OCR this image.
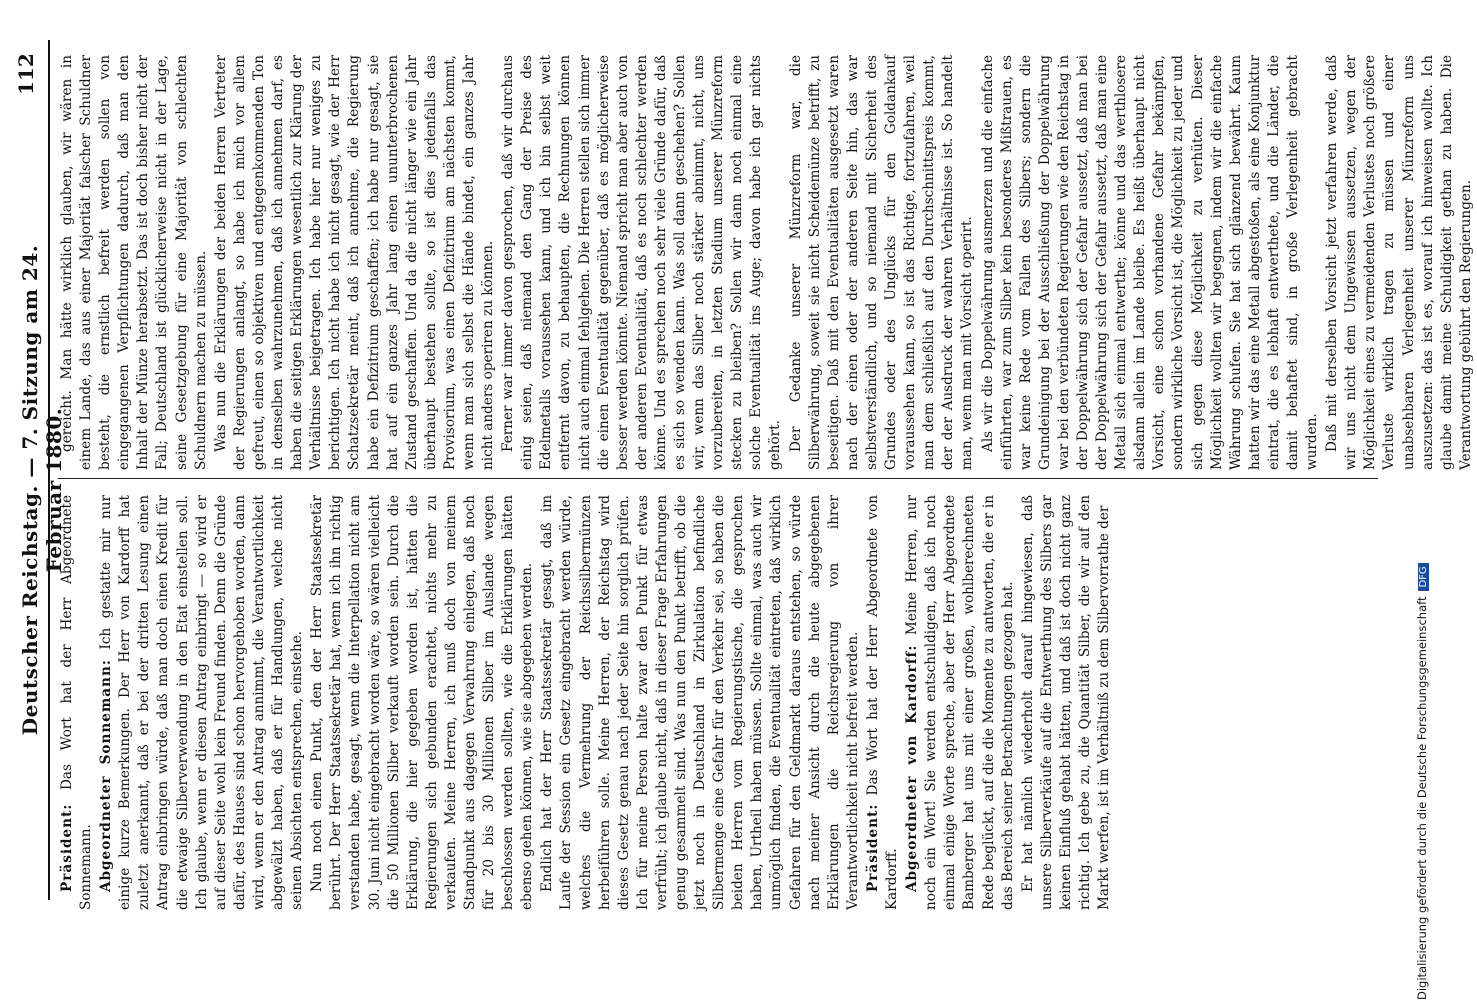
112
Deutscher Reichstag. — 7. Sitzung am 24. Februar 1880.

gereicht. Man hätte wirklich glauben, wir wären in einem Lande, das aus einer Majorität falscher Schuldner besteht, die ernstlich befreit werden sollen von eingegangenen Verpflichtungen dadurch, daß man den Inhalt der Münze herabsetzt. Das ist doch bisher nicht der Fall; Deutschland ist glücklicherweise nicht in der Lage, seine Gesetzgebung für eine Majorität von schlechten Schuldnern machen zu müssen. Was nun die Erklärungen der beiden Herren Vertreter der Regierungen anlangt, so habe ich mich vor allem gefreut, einen so objektiven und entgegenkommenden Ton in denselben wahrzunehmen, daß ich annehmen darf, es haben die seitigen Erklärungen wesentlich zur Klärung der Verhältnisse beigetragen. Ich habe hier nur weniges zu berichtigen. Ich nicht habe ich nicht gesagt, wie der Herr Schatzsekretär meint, daß ich annehme, die Regierung habe ein Defizitrium geschaffen; ich habe nur gesagt, sie hat auf ein ganzes Jahr lang einen ununterbrochenen Zustand geschaffen. Und da die nicht länger wie ein Jahr überhaupt bestehen sollte, so ist dies jedenfalls das Provisorium, was einen Defizitrium am nächsten kommt, wenn man sich selbst die Hände bindet, ein ganzes Jahr nicht anders operiren zu können. Ferner war immer davon gesprochen, daß wir durchaus einig seien, daß niemand den Gang der Preise des Edelmetalls voraussehen kann, und ich bin selbst weit entfernt davon, zu behaupten, die Rechnungen können nicht auch einmal fehlgehen. Die Herren stellen sich immer die einen Eventualität gegenüber, daß es möglicherweise besser werden könnte. Niemand spricht man aber auch von der anderen Eventualität, daß es noch schlechter werden könne. Und es sprechen noch sehr viele Gründe dafür, daß es sich so wenden kann. Was soll dann geschehen? Sollen wir, wenn das Silber noch stärker abnimmt, nicht, uns vorzubereiten, in letzten Stadium unserer Münzreform stecken zu bleiben? Sollen wir dann noch einmal eine solche Eventualität ins Auge; davon habe ich gar nichts gehört. Der Gedanke unserer Münzreform war, die Silberwährung, soweit sie nicht Scheidemünze betrifft, zu beseitigen. Daß mit den Eventualitäten ausgesetzt waren nach der einen oder der anderen Seite hin, das war selbstverständlich, und so niemand mit Sicherheit des Grundes oder des Unglücks für den Goldankauf voraussehen kann, so ist das Richtige, fortzufahren, weil man dem schließlich auf den Durchschnittspreis kommt, der der Ausdruck der wahren Verhältnisse ist. So handelt man, wenn man mit Vorsicht operirt. Als wir die Doppelwährung ausmerzen und die einfache einführten, war zum Silber kein besonderes Mißtrauen, es war keine Rede vom Fallen des Silbers; sondern die Grundeinigung bei der Ausschließung der Doppelwährung war bei den verbündeten Regierungen wie den Reichstag in der Doppelwährung sich der Gefahr aussetzt, daß man bei der Doppelwährung sich der Gefahr aussetzt, daß man eine Metall sich einmal entwerthe; könne und das werthlosere alsdann allein im Lande bleibe. Es heißt überhaupt nicht Vorsicht, eine schon vorhandene Gefahr bekämpfen, sondern wirkliche Vorsicht ist, die Möglichkeit zu jeder und sich gegen diese Möglichkeit zu verhüten. Dieser Möglichkeit wollten wir begegnen, indem wir die einfache Währung schufen. Sie hat sich glänzend bewährt. Kaum hatten wir das eine Metall abgestoßen, als eine Konjunktur eintrat, die es lebhaft entwerthete, und die Länder, die damit behaftet sind, in große Verlegenheit gebracht wurden. Daß mit derselben Vorsicht jetzt verfahren werde, daß wir uns nicht dem Ungewissen aussetzen, wegen der Möglichkeit eines zu vermeidenden Verlustes noch größere Verluste wirklich tragen zu müssen und einer unabsehbaren Verlegenheit unserer Münzreform uns auszusetzen: das ist es, worauf ich hinweisen wollte. Ich glaube damit meine Schuldigkeit gethan zu haben. Die Verantwortung gebührt den Regierungen.

Präsident: Das Wort hat der Herr Abgeordnete Sonnemann. Abgeordneter Sonnemann: Ich gestatte mir nur einige kurze Bemerkungen. Der Herr von Kardorff hat zuletzt anerkannt, daß er bei der dritten Lesung einen Antrag einbringen würde, daß man doch einen Kredit für die etwaige Silberverwendung in den Etat einstellen soll. Ich glaube, wenn er diesen Antrag einbringt — so wird er auf dieser Seite wohl kein Freund finden. Denn die Gründe dafür, des Hauses sind schon hervorgehoben worden, dann wird, wenn er den Antrag annimmt, die Verantwortlichkeit abgewälzt haben, daß er für Handlungen, welche nicht seinen Absichten entsprechen, einstehe. Nun noch einen Punkt, den der Herr Staatssekretär berührt. Der Herr Staatssekretär hat, wenn ich ihn richtig verstanden habe, gesagt, wenn die Interpellation nicht am 30. Juni nicht eingebracht worden wäre, so wären vielleicht die 50 Millionen Silber verkauft worden sein. Durch die Erklärung, die hier gegeben worden ist, hätten die Regierungen sich gebunden erachtet, nichts mehr zu verkaufen. Meine Herren, ich muß doch von meinem Standpunkt aus dagegen Verwahrung einlegen, daß noch für 20 bis 30 Millionen Silber im Auslande wegen beschlossen werden sollten, wie die Erklärungen hätten ebenso gehen können, wie sie abgegeben werden. Endlich hat der Herr Staatssekretär gesagt, daß im Laufe der Session ein Gesetz eingebracht werden würde, welches die Vermehrung der Reichssilbermünzen herbeiführen solle. Meine Herren, der Reichstag wird dieses Gesetz genau nach jeder Seite hin sorglich prüfen. Ich für meine Person halte zwar den Punkt für etwas verfrüht; ich glaube nicht, daß in dieser Frage Erfahrungen genug gesammelt sind. Was nun den Punkt betrifft, ob die jetzt noch in Deutschland in Zirkulation befindliche Silbermenge eine Gefahr für den Verkehr sei, so haben die beiden Herren vom Regierungstische, die gesprochen haben, Urtheil haben müssen. Sollte einmal, was auch wir unmöglich finden, die Eventualität eintreten, daß wirklich Gefahren für den Geldmarkt daraus entstehen, so würde nach meiner Ansicht durch die heute abgegebenen Erklärungen die Reichsregierung von ihrer Verantwortlichkeit nicht befreit werden. Präsident: Das Wort hat der Herr Abgeordnete von Kardorff. Abgeordneter von Kardorff: Meine Herren, nur noch ein Wort! Sie werden entschuldigen, daß ich noch einmal einige Worte spreche, aber der Herr Abgeordnete Bamberger hat uns mit einer großen, wohlberechneten Rede beglückt, auf die die Momente zu antworten, die er in das Bereich seiner Betrachtungen gezogen hat. Er hat nämlich wiederholt darauf hingewiesen, daß unsere Silberverkäufe auf die Entwerthung des Silbers gar keinen Einfluß gehabt hätten, und daß ist doch nicht ganz richtig. Ich gebe zu, die Quantität Silber, die wir auf den Markt werfen, ist im Verhältniß zu dem Silbervorrathe der	Digitalisierung gefördert durch die Deutsche ForschungsgemeinschaftDFG
